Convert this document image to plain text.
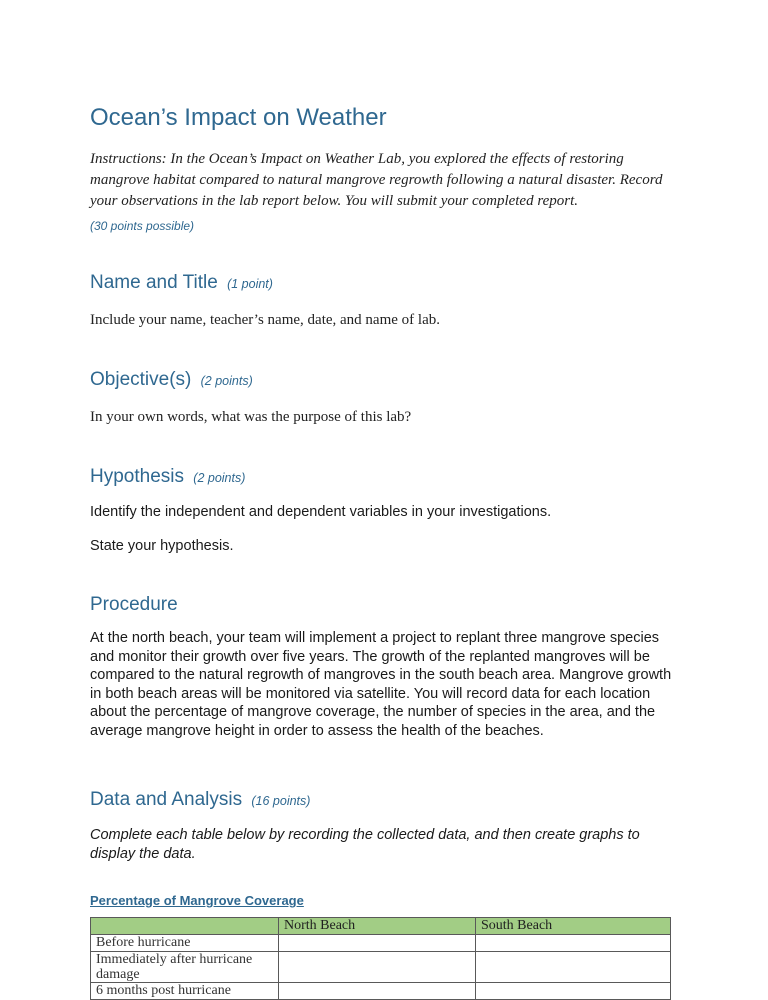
Ocean’s Impact on Weather

Instructions: In the Ocean’s Impact on Weather Lab, you explored the effects of restoring mangrove habitat compared to natural mangrove regrowth following a natural disaster. Record your observations in the lab report below. You will submit your completed report.

(30 points possible)

Name and Title (1 point)

Include your name, teacher’s name, date, and name of lab.

Objective(s) (2 points)

In your own words, what was the purpose of this lab?

Hypothesis (2 points)

Identify the independent and dependent variables in your investigations.

State your hypothesis.

Procedure

At the north beach, your team will implement a project to replant three mangrove species and monitor their growth over five years. The growth of the replanted mangroves will be compared to the natural regrowth of mangroves in the south beach area. Mangrove growth in both beach areas will be monitored via satellite. You will record data for each location about the percentage of mangrove coverage, the number of species in the area, and the average mangrove height in order to assess the health of the beaches.

Data and Analysis (16 points)

Complete each table below by recording the collected data, and then create graphs to display the data.

Percentage of Mangrove Coverage

	North Beach	South Beach
Before hurricane		
Immediately after hurricane damage		
6 months post hurricane		
